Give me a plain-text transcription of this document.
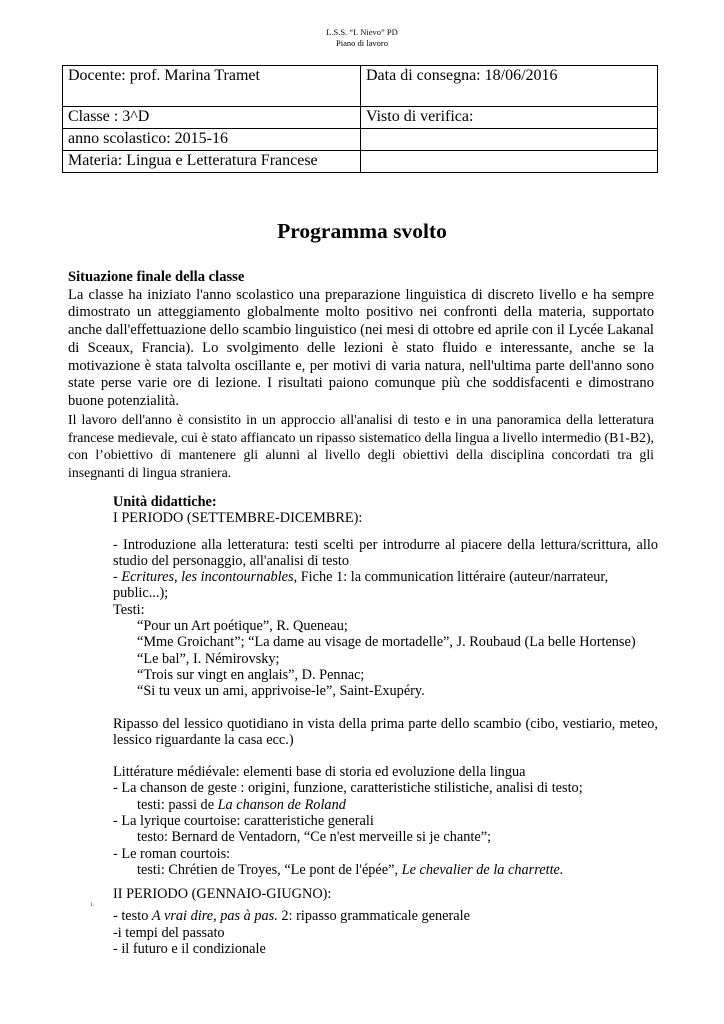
L.S.S. “I. Nievo” PD
Piano di lavoro
Docente: prof. Marina Tramet	Data di consegna: 18/06/2016
Classe : 3^D	Visto di verifica:
anno scolastico: 2015-16	
Materia: Lingua e Letteratura Francese	
Programma svolto
Situazione finale della classe
La classe ha iniziato l'anno scolastico una preparazione linguistica di discreto livello e ha sempre dimostrato un atteggiamento globalmente molto positivo nei confronti della materia, supportato anche dall'effettuazione dello scambio linguistico (nei mesi di ottobre ed aprile con il Lycée Lakanal di Sceaux, Francia). Lo svolgimento delle lezioni è stato fluido e interessante, anche se la motivazione è stata talvolta oscillante e, per motivi di varia natura, nell'ultima parte dell'anno sono state perse varie ore di lezione. I risultati paiono comunque più che soddisfacenti e dimostrano buone potenzialità.
Il lavoro dell'anno è consistito in un approccio all'analisi di testo e in una panoramica della letteratura francese medievale, cui è stato affiancato un ripasso sistematico della lingua a livello intermedio (B1-B2), con l’obiettivo di mantenere gli alunni al livello degli obiettivi della disciplina concordati tra gli insegnanti di lingua straniera.
Unità didattiche:
I PERIODO (SETTEMBRE-DICEMBRE):
- Introduzione alla letteratura: testi scelti per introdurre al piacere della lettura/scrittura, allo studio del personaggio, all'analisi di testo
- Ecritures, les incontournables, Fiche 1: la communication littéraire (auteur/narrateur, public...);
Testi:
“Pour un Art poétique”, R. Queneau;
“Mme Groichant”; “La dame au visage de mortadelle”, J. Roubaud (La belle Hortense)
“Le bal”, I. Némirovsky;
“Trois sur vingt en anglais”, D. Pennac;
“Si tu veux un ami, apprivoise-le”, Saint-Exupéry.
Ripasso del lessico quotidiano in vista della prima parte dello scambio (cibo, vestiario, meteo, lessico riguardante la casa ecc.)
Littérature médiévale: elementi base di storia ed evoluzione della lingua
- La chanson de geste : origini, funzione, caratteristiche stilistiche, analisi di testo;
testi: passi de La chanson de Roland
- La lyrique courtoise: caratteristiche generali
testo: Bernard de Ventadorn, “Ce n'est merveille si je chante”;
- Le roman courtois:
testi: Chrétien de Troyes, “Le pont de l'épée”, Le chevalier de la charrette.
II PERIODO (GENNAIO-GIUGNO):
- testo A vrai dire, pas à pas. 2: ripasso grammaticale generale
-i tempi del passato
- il futuro e il condizionale
1.
